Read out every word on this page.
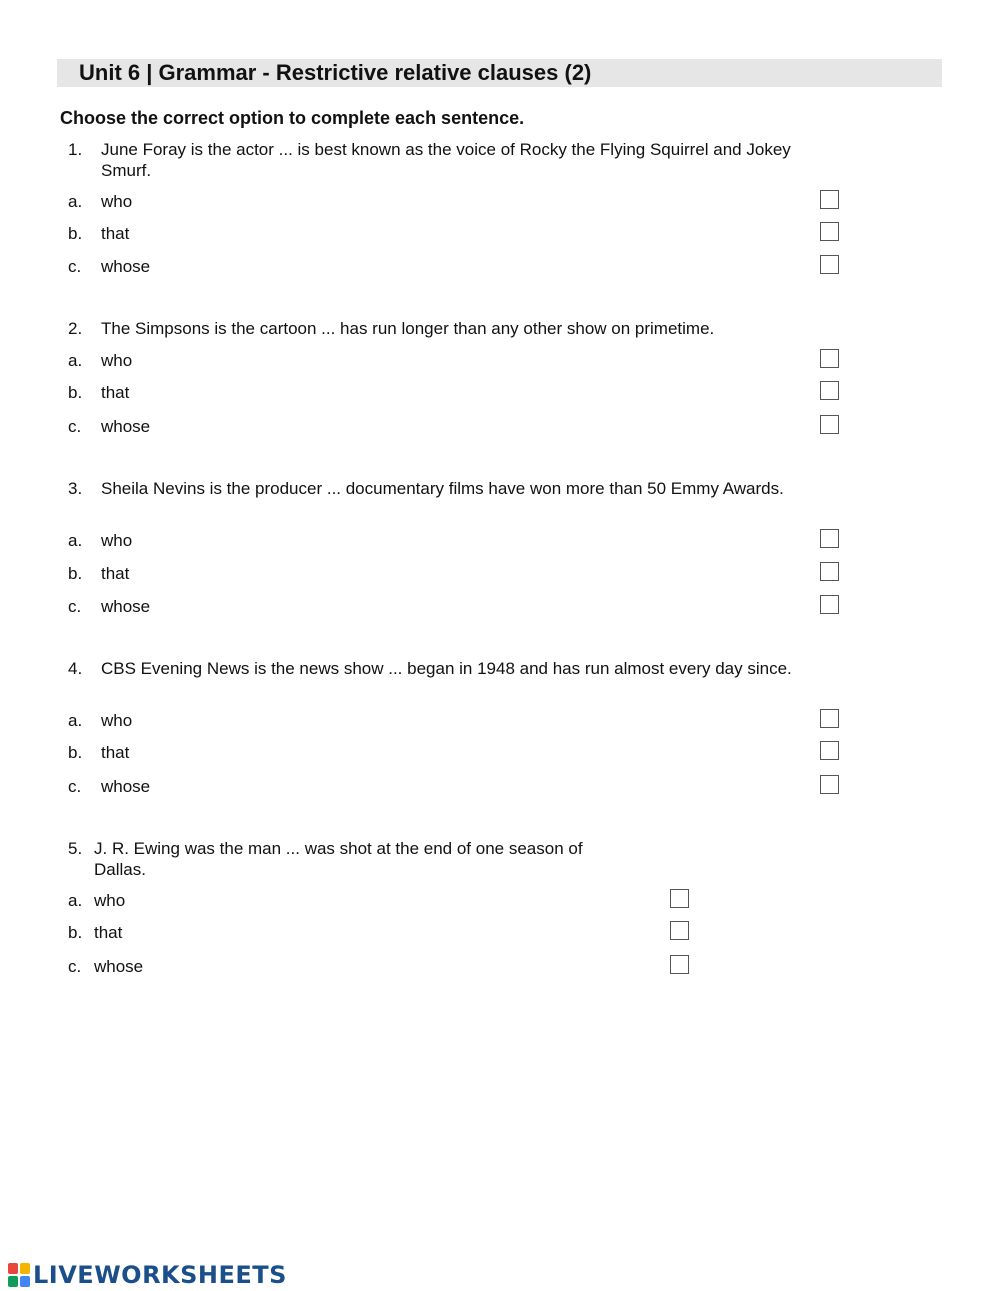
Unit 6 | Grammar - Restrictive relative clauses (2)
Choose the correct option to complete each sentence.
1. June Foray is the actor ... is best known as the voice of Rocky the Flying Squirrel and Jokey Smurf.
a. who
b. that
c. whose
2. The Simpsons is the cartoon ... has run longer than any other show on primetime.
a. who
b. that
c. whose
3. Sheila Nevins is the producer ... documentary films have won more than 50 Emmy Awards.
a. who
b. that
c. whose
4. CBS Evening News is the news show ... began in 1948 and has run almost every day since.
a. who
b. that
c. whose
5. J. R. Ewing was the man ... was shot at the end of one season of Dallas.
a. who
b. that
c. whose
LIVEWORKSHEETS
